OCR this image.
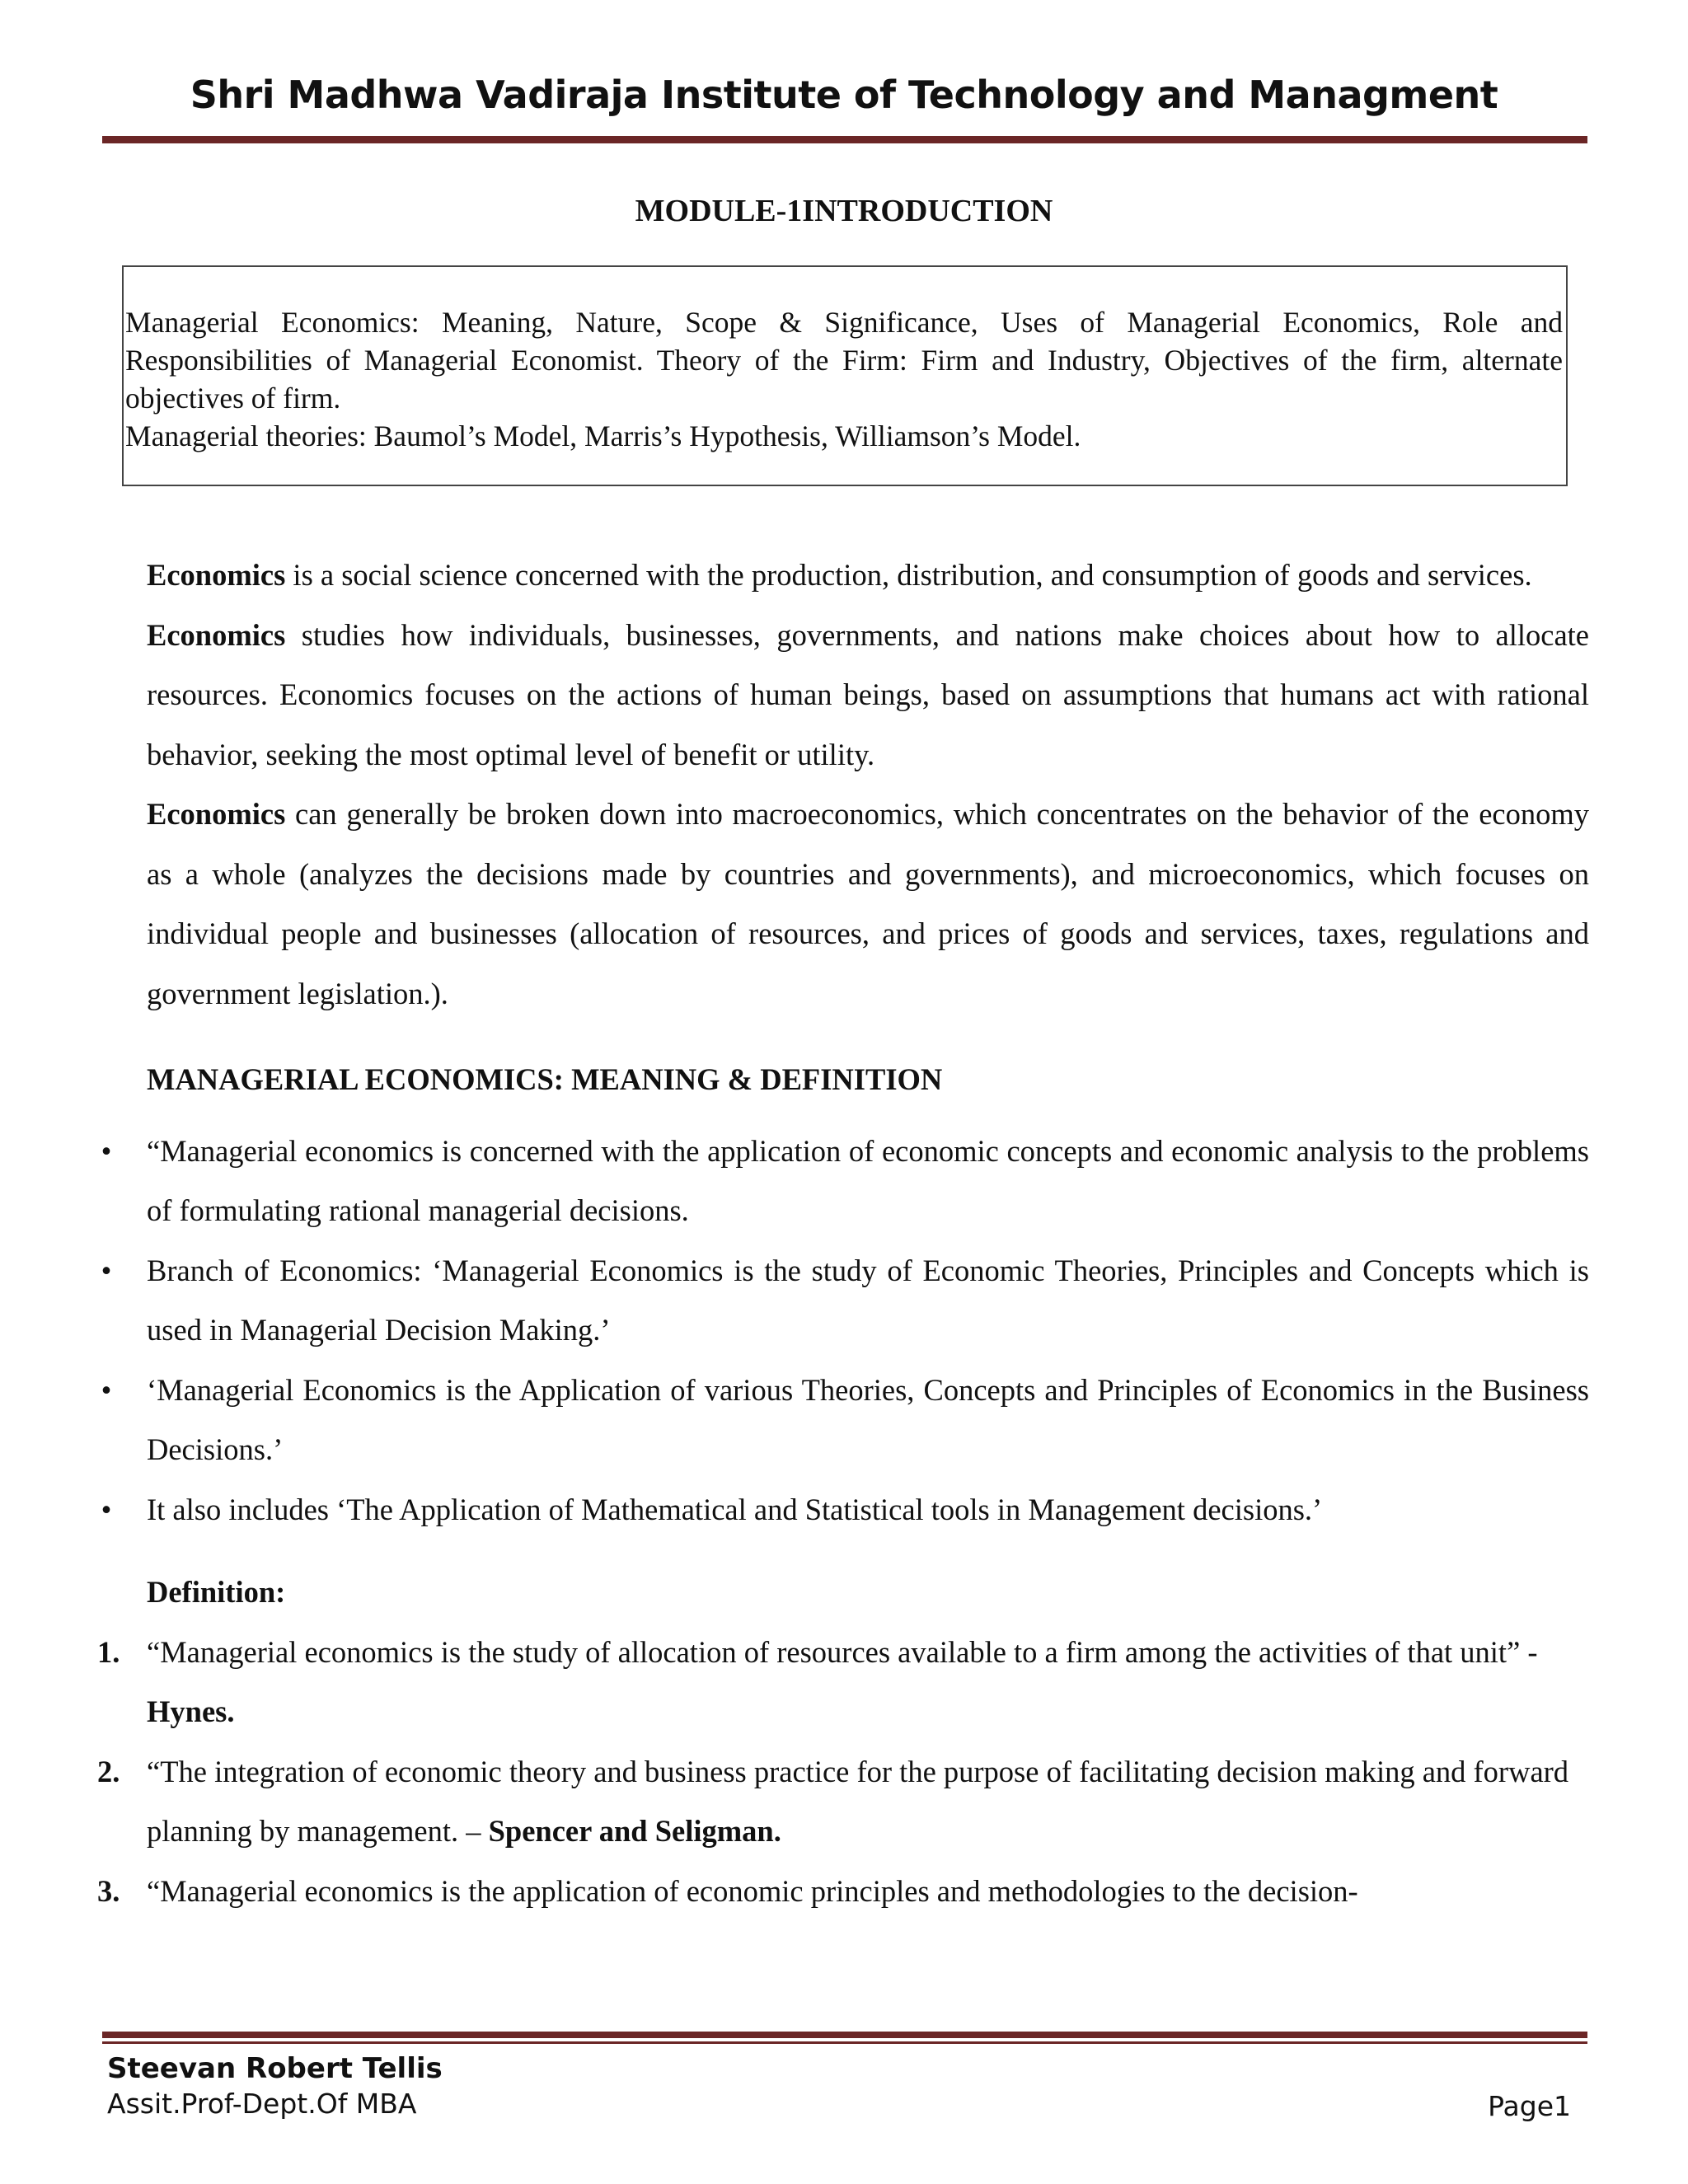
Shri Madhwa Vadiraja Institute of Technology and Managment
MODULE-1INTRODUCTION

Managerial Economics: Meaning, Nature, Scope & Significance, Uses of Managerial Economics, Role and Responsibilities of Managerial Economist. Theory of the Firm: Firm and Industry, Objectives of the firm, alternate objectives of firm.

Managerial theories: Baumol’s Model, Marris’s Hypothesis, Williamson’s Model.

Economics is a social science concerned with the production, distribution, and consumption of goods and services.

Economics studies how individuals, businesses, governments, and nations make choices about how to allocate resources. Economics focuses on the actions of human beings, based on assumptions that humans act with rational behavior, seeking the most optimal level of benefit or utility.

Economics can generally be broken down into macroeconomics, which concentrates on the behavior of the economy as a whole (analyzes the decisions made by countries and governments), and microeconomics, which focuses on individual people and businesses (allocation of resources, and prices of goods and services, taxes, regulations and government legislation.).

MANAGERIAL ECONOMICS: MEANING & DEFINITION

• “Managerial economics is concerned with the application of economic concepts and economic analysis to the problems of formulating rational managerial decisions.
• Branch of Economics: ‘Managerial Economics is the study of Economic Theories, Principles and Concepts which is used in Managerial Decision Making.’
• ‘Managerial Economics is the Application of various Theories, Concepts and Principles of Economics in the Business Decisions.’
• It also includes ‘The Application of Mathematical and Statistical tools in Management decisions.’

Definition:

1. “Managerial economics is the study of allocation of resources available to a firm among the activities of that unit” - Hynes.
2. “The integration of economic theory and business practice for the purpose of facilitating decision making and forward planning by management. – Spencer and Seligman.
3. “Managerial economics is the application of economic principles and methodologies to the decision-
Steevan Robert Tellis
Assit.Prof-Dept.Of MBA	Page1
